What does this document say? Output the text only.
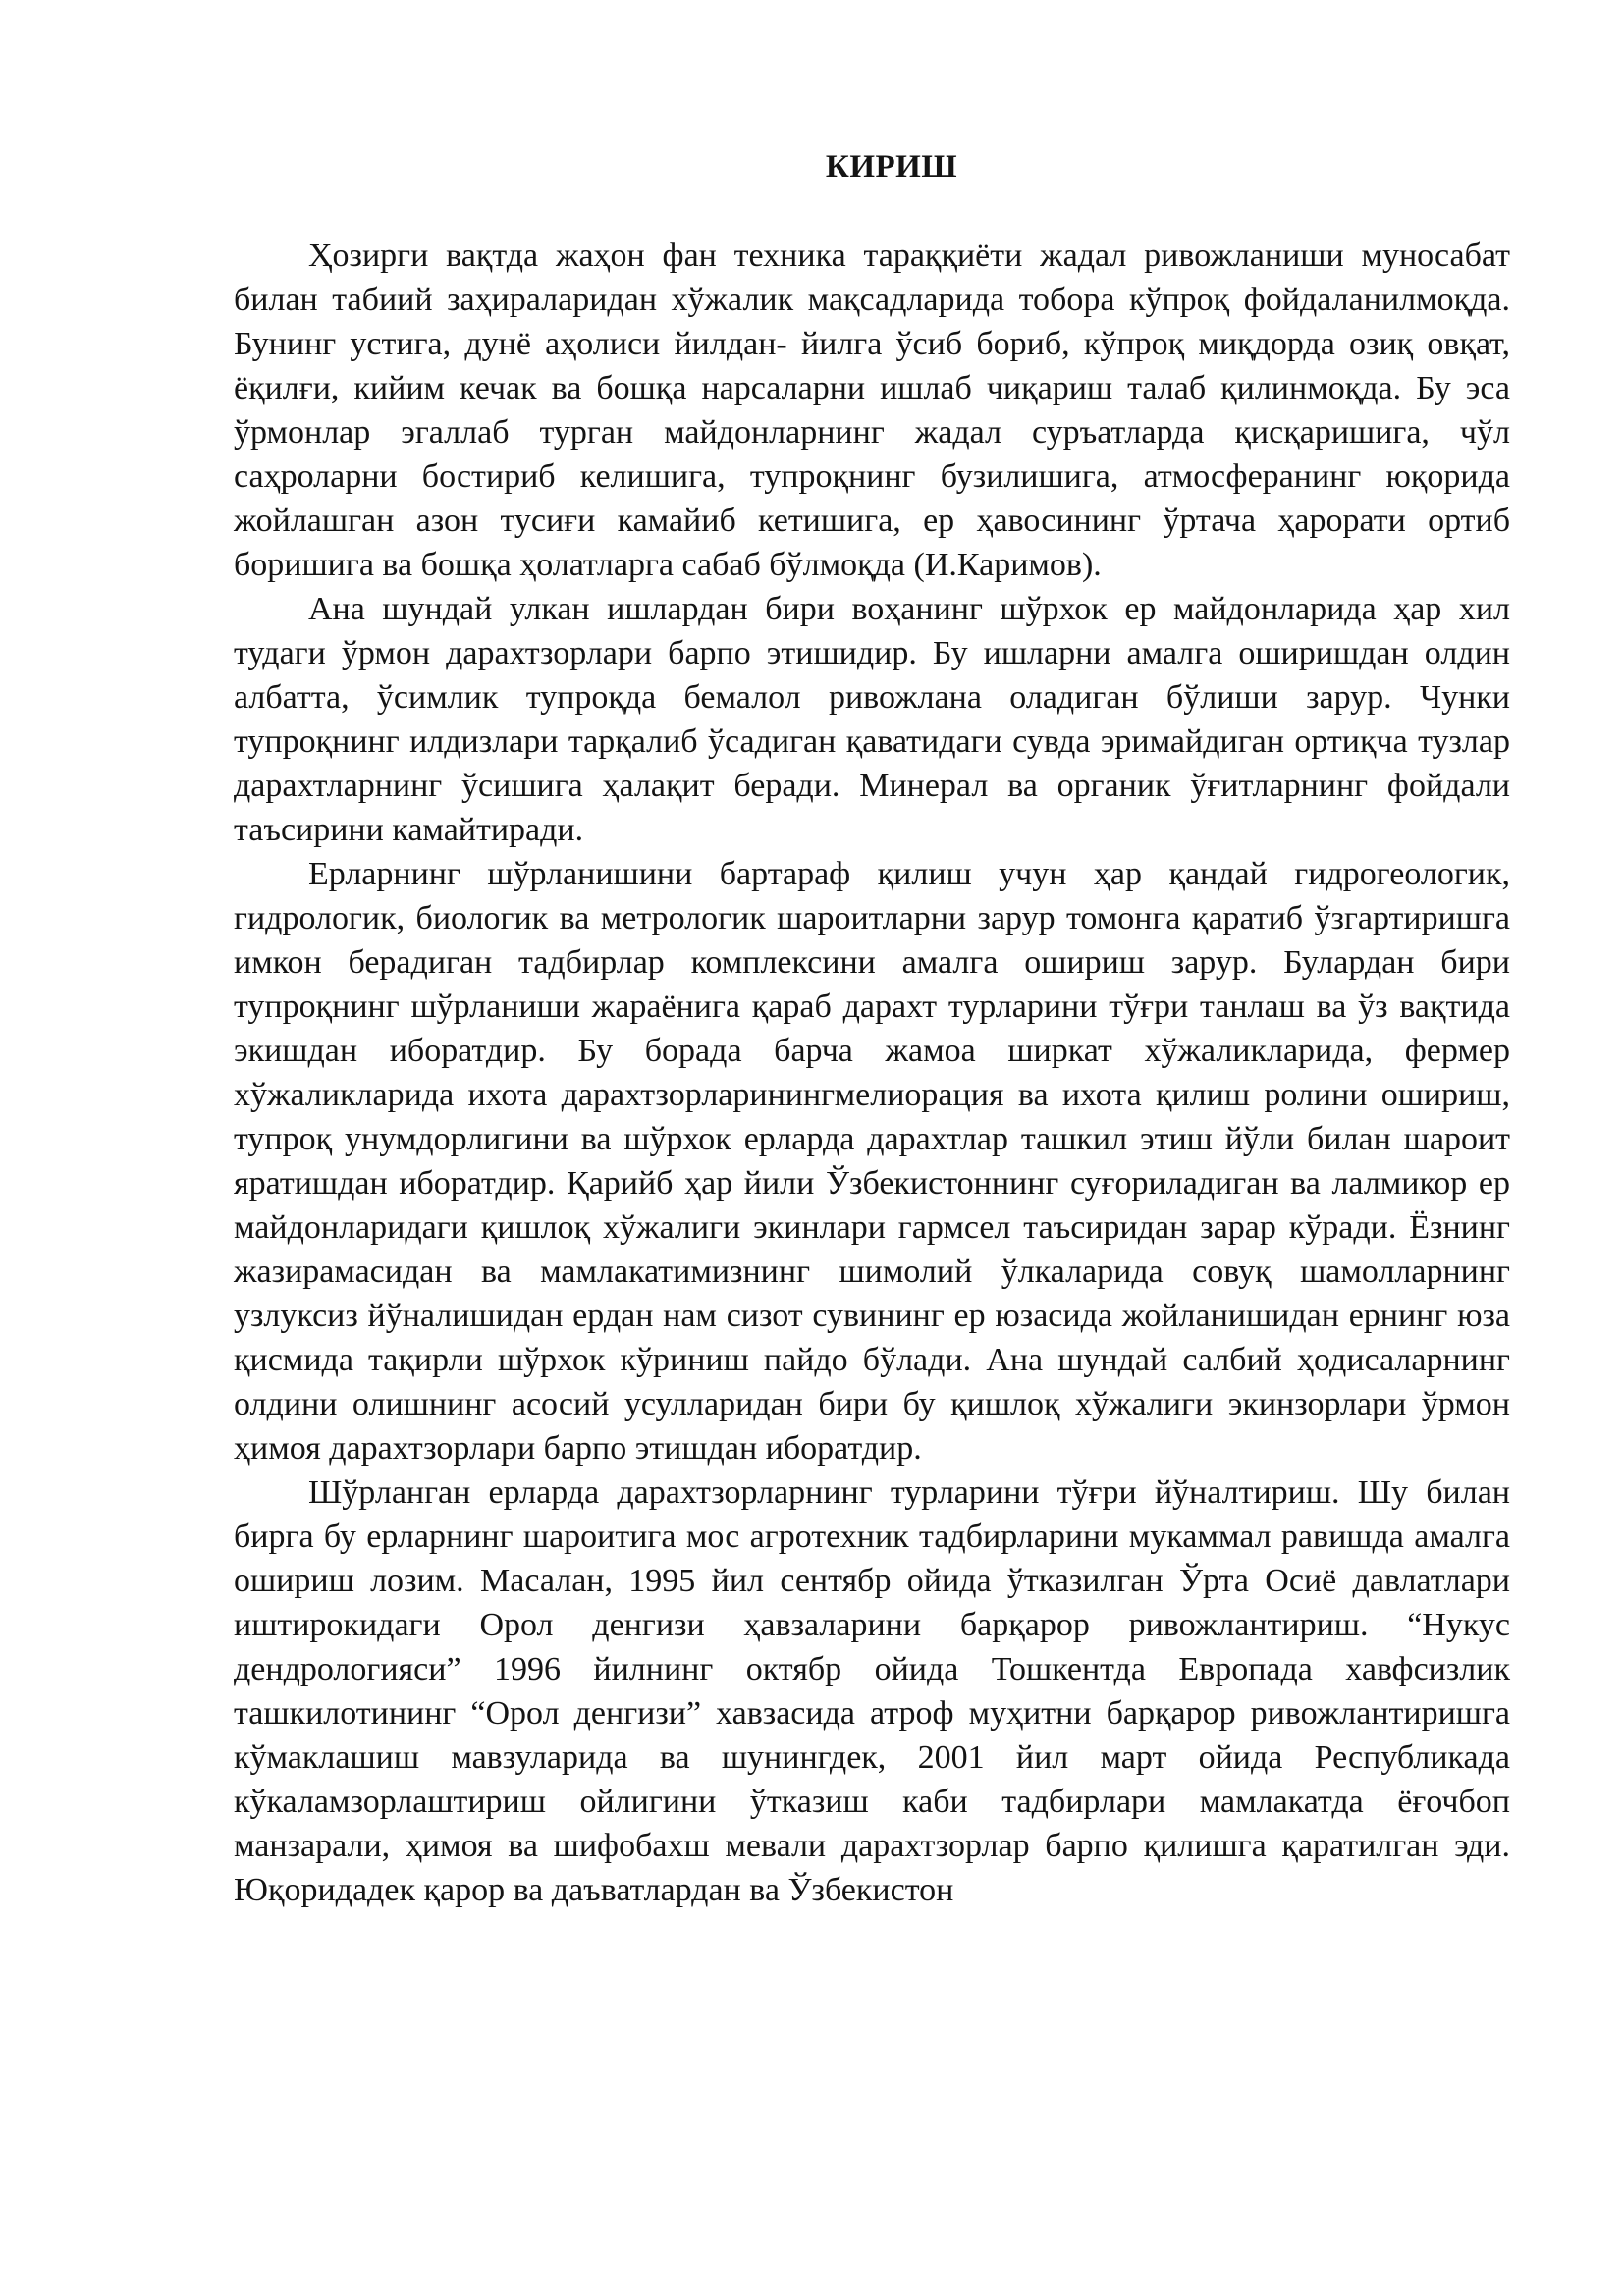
КИРИШ

Ҳозирги вақтда жаҳон фан техника тараққиёти жадал ривожланиши муносабат билан табиий заҳираларидан хўжалик мақсадларида тобора кўпроқ фойдаланилмоқда. Бунинг устига, дунё аҳолиси йилдан- йилга ўсиб бориб, кўпроқ миқдорда озиқ овқат, ёқилғи, кийим кечак ва бошқа нарсаларни ишлаб чиқариш талаб қилинмоқда. Бу эса ўрмонлар эгаллаб турган майдонларнинг жадал суръатларда қисқаришига, чўл саҳроларни бостириб келишига, тупроқнинг бузилишига, атмосферанинг юқорида жойлашган азон тусиғи камайиб кетишига, ер ҳавосининг ўртача ҳарорати ортиб боришига ва бошқа ҳолатларга сабаб бўлмоқда (И.Каримов).

Ана шундай улкан ишлардан бири воҳанинг шўрхок ер майдонларида ҳар хил тудаги ўрмон дарахтзорлари барпо этишидир. Бу ишларни амалга оширишдан олдин албатта, ўсимлик тупроқда бемалол ривожлана оладиган бўлиши зарур. Чунки тупроқнинг илдизлари тарқалиб ўсадиган қаватидаги сувда эримайдиган ортиқча тузлар дарахтларнинг ўсишига ҳалақит беради. Минерал ва органик ўғитларнинг фойдали таъсирини камайтиради.

Ерларнинг шўрланишини бартараф қилиш учун ҳар қандай гидрогеологик, гидрологик, биологик ва метрологик шароитларни зарур томонга қаратиб ўзгартиришга имкон берадиган тадбирлар комплексини амалга ошириш зарур. Булардан бири тупроқнинг шўрланиши жараёнига қараб дарахт турларини тўғри танлаш ва ўз вақтида экишдан иборатдир. Бу борада барча жамоа ширкат хўжаликларида, фермер хўжаликларида ихота дарахтзорларинингмелиорация ва ихота қилиш ролини ошириш, тупроқ унумдорлигини ва шўрхок ерларда дарахтлар ташкил этиш йўли билан шароит яратишдан иборатдир. Қарийб ҳар йили Ўзбекистоннинг суғориладиган ва лалмикор ер майдонларидаги қишлоқ хўжалиги экинлари гармсел таъсиридан зарар кўради. Ёзнинг жазирамасидан ва мамлакатимизнинг шимолий ўлкаларида совуқ шамолларнинг узлуксиз йўналишидан ердан нам сизот сувининг ер юзасида жойланишидан ернинг юза қисмида тақирли шўрхок кўриниш пайдо бўлади. Ана шундай салбий ҳодисаларнинг олдини олишнинг асосий усулларидан бири бу қишлоқ хўжалиги экинзорлари ўрмон ҳимоя дарахтзорлари барпо этишдан иборатдир.

Шўрланган ерларда дарахтзорларнинг турларини тўғри йўналтириш. Шу билан бирга бу ерларнинг шароитига мос агротехник тадбирларини мукаммал равишда амалга ошириш лозим. Масалан, 1995 йил сентябр ойида ўтказилган Ўрта Осиё давлатлари иштирокидаги Орол денгизи ҳавзаларини барқарор ривожлантириш. “Нукус дендрологияси” 1996 йилнинг октябр ойида Тошкентда Европада хавфсизлик ташкилотининг “Орол денгизи” хавзасида атроф муҳитни барқарор ривожлантиришга кўмаклашиш мавзуларида ва шунингдек, 2001 йил март ойида Республикада кўкаламзорлаштириш ойлигини ўтказиш каби тадбирлари мамлакатда ёғочбоп манзарали, ҳимоя ва шифобахш мевали дарахтзорлар барпо қилишга қаратилган эди. Юқоридадек қарор ва даъватлардан ва Ўзбекистон
